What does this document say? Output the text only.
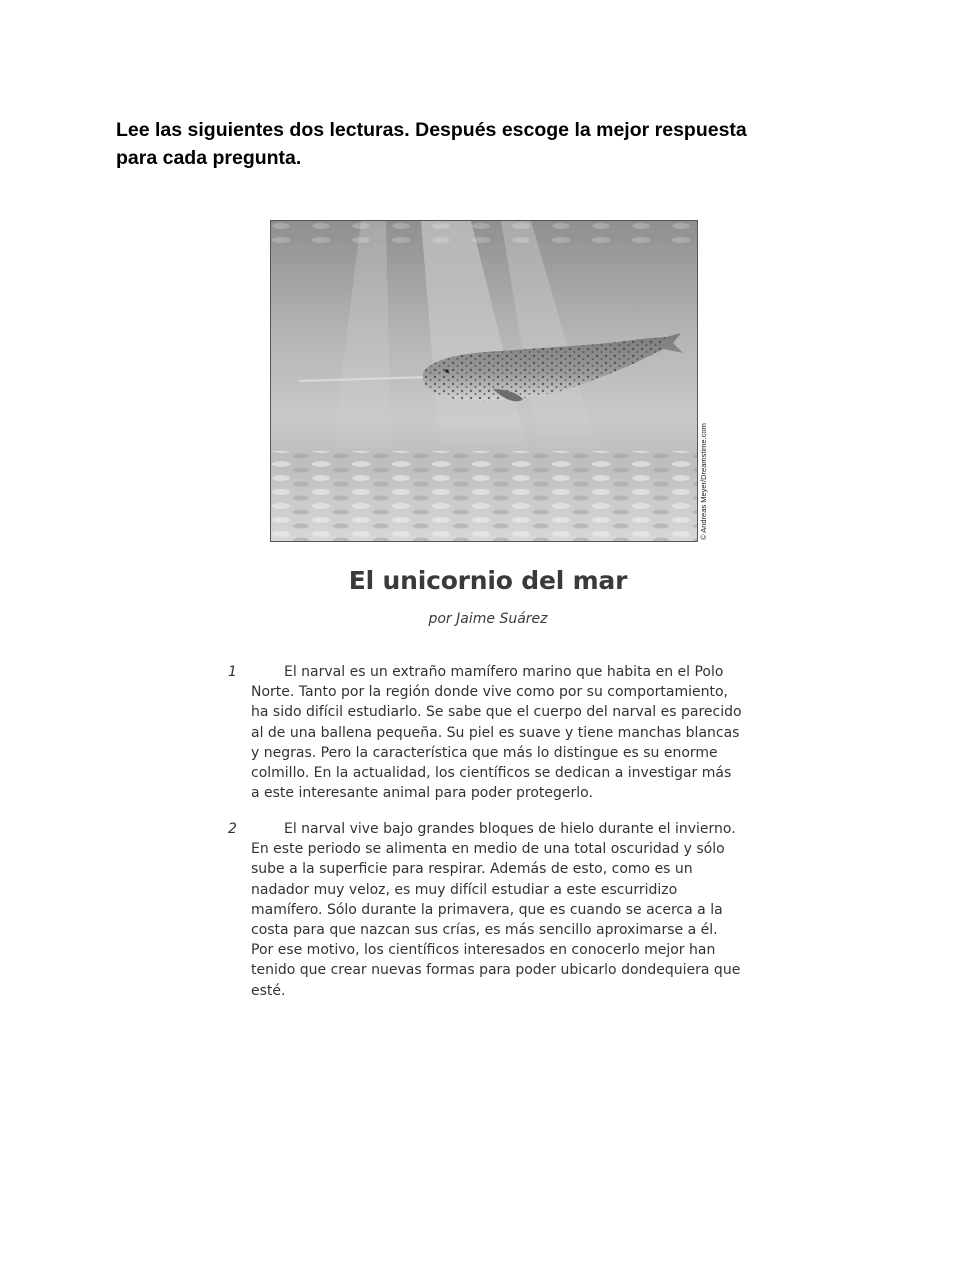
Lee las siguientes dos lecturas. Después escoge la mejor respuesta
para cada pregunta.
© Andreas Meyer/Dreamstime.com
El unicornio del mar

por Jaime Suárez

1	El narval es un extraño mamífero marino que habita en el Polo
Norte. Tanto por la región donde vive como por su comportamiento,
ha sido difícil estudiarlo. Se sabe que el cuerpo del narval es parecido
al de una ballena pequeña. Su piel es suave y tiene manchas blancas
y negras. Pero la característica que más lo distingue es su enorme
colmillo. En la actualidad, los científicos se dedican a investigar más
a este interesante animal para poder protegerlo.

2	El narval vive bajo grandes bloques de hielo durante el invierno.
En este periodo se alimenta en medio de una total oscuridad y sólo
sube a la superficie para respirar. Además de esto, como es un
nadador muy veloz, es muy difícil estudiar a este escurridizo
mamífero. Sólo durante la primavera, que es cuando se acerca a la
costa para que nazcan sus crías, es más sencillo aproximarse a él.
Por ese motivo, los científicos interesados en conocerlo mejor han
tenido que crear nuevas formas para poder ubicarlo dondequiera que
esté.
